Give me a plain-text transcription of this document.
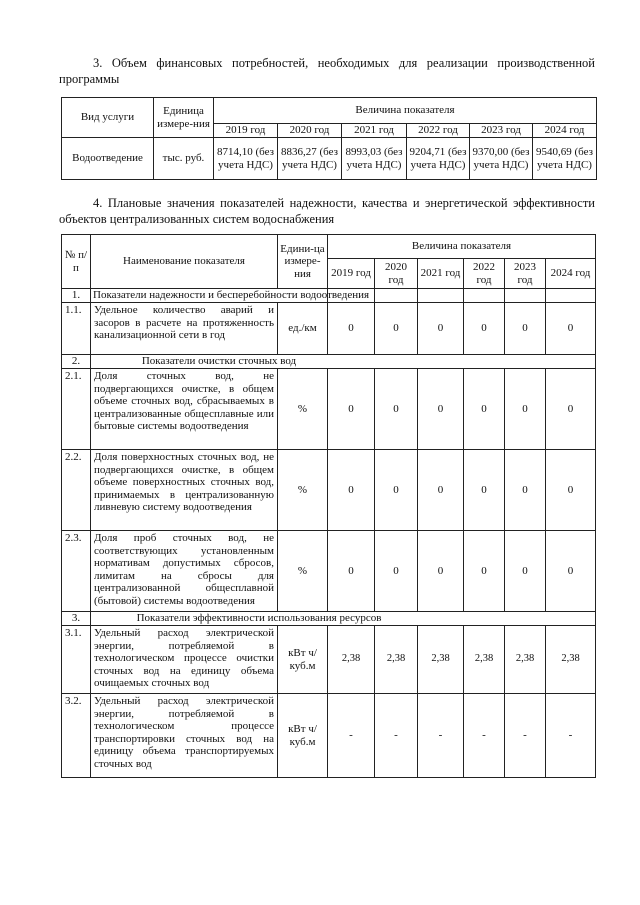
3. Объем финансовых потребностей, необходимых для реализации производственной
программы
Вид услуги	Единица измере-ния	Величина показателя					
		2019 год	2020 год	2021 год	2022 год	2023 год	2024 год
Водоотведение	тыс. руб.	8714,10 (без учета НДС)	8836,27 (без учета НДС)	8993,03 (без учета НДС)	9204,71 (без учета НДС)	9370,00 (без учета НДС)	9540,69 (без учета НДС)
4. Плановые значения показателей надежности, качества и энергетической эффективности
объектов централизованных систем водоснабжения
№ п/п	Наименование показателя	Едини-ца измере-ния	Величина показателя					
			2019 год	2020 год	2021 год	2022 год	2023 год	2024 год
1.	Показатели надежности и бесперебойности водоотведения							
1.1.	Удельное количество аварий и засоров в расчете на протяженность канализационной сети в год	ед./км	0	0	0	0	0	0
2.	Показатели очистки сточных вод							
2.1.	Доля сточных вод, не подвергающихся очистке, в общем объеме сточных вод, сбрасываемых в централизованные общесплавные или бытовые системы водоотведения	%	0	0	0	0	0	0
2.2.	Доля поверхностных сточных вод, не подвергающихся очистке, в общем объеме поверхностных сточных вод, принимаемых в централизованную ливневую систему водоотведения	%	0	0	0	0	0	0
2.3.	Доля проб сточных вод, не соответствующих установленным нормативам допустимых сбросов, лимитам на сбросы для централизованной общесплавной (бытовой) системы водоотведения	%	0	0	0	0	0	0
3.	Показатели эффективности использования ресурсов							
3.1.	Удельный расход электрической энергии, потребляемой в технологическом процессе очистки сточных вод на единицу объема очищаемых сточных вод	кВт ч/куб.м	2,38	2,38	2,38	2,38	2,38	2,38
3.2.	Удельный расход электрической энергии, потребляемой в технологическом процессе транспортировки сточных вод на единицу объема транспортируемых сточных вод	кВт ч/куб.м	-	-	-	-	-	-
